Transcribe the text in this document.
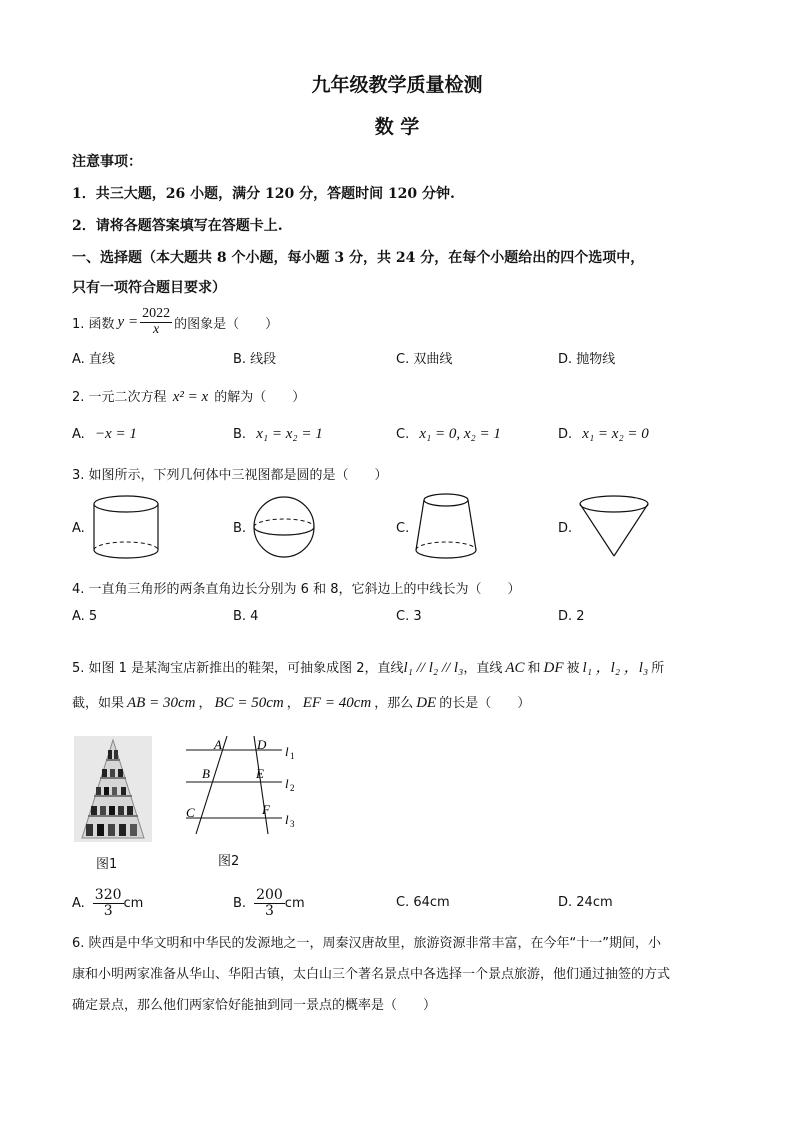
九年级教学质量检测
数 学
注意事项：
1．共三大题，26 小题，满分 120 分，答题时间 120 分钟.
2．请将各题答案填写在答题卡上.
一、选择题（本大题共 8 个小题，每小题 3 分，共 24 分，在每个小题给出的四个选项中，
只有一项符合题目要求）
1. 函数 $y = \frac{2022}{x}$ 的图象是（　　）
A. 直线	B. 线段	C. 双曲线	D. 抛物线
2. 一元二次方程 x² = x 的解为（　　）
A. −x = 1	B. x₁ = x₂ = 1	C. x₁ = 0, x₂ = 1	D. x₁ = x₂ = 0
3. 如图所示，下列几何体中三视图都是圆的是（　　）
A.	B.	C.	D.
4. 一直角三角形的两条直角边长分别为 6 和 8，它斜边上的中线长为（　　）
A. 5	B. 4	C. 3	D. 2
5. 如图 1 是某淘宝店新推出的鞋架，可抽象成图 2，直线l₁ // l₂ // l₃，直线 AC 和 DF 被 l₁ ，l₂ ，l₃ 所
截，如果 AB = 30cm ， BC = 50cm ， EF = 40cm ，那么 DE 的长是（　　）
图1
A	D
B	E
C	F
l 1
l 2
l 3
图2
A. $\frac{320}{3}$ cm	B. $\frac{200}{3}$ cm	C. 64cm	D. 24cm
6. 陕西是中华文明和中华民的发源地之一，周秦汉唐故里，旅游资源非常丰富，在今年“十一”期间，小
康和小明两家准备从华山、华阳古镇，太白山三个著名景点中各选择一个景点旅游，他们通过抽签的方式
确定景点，那么他们两家恰好能抽到同一景点的概率是（　　）
